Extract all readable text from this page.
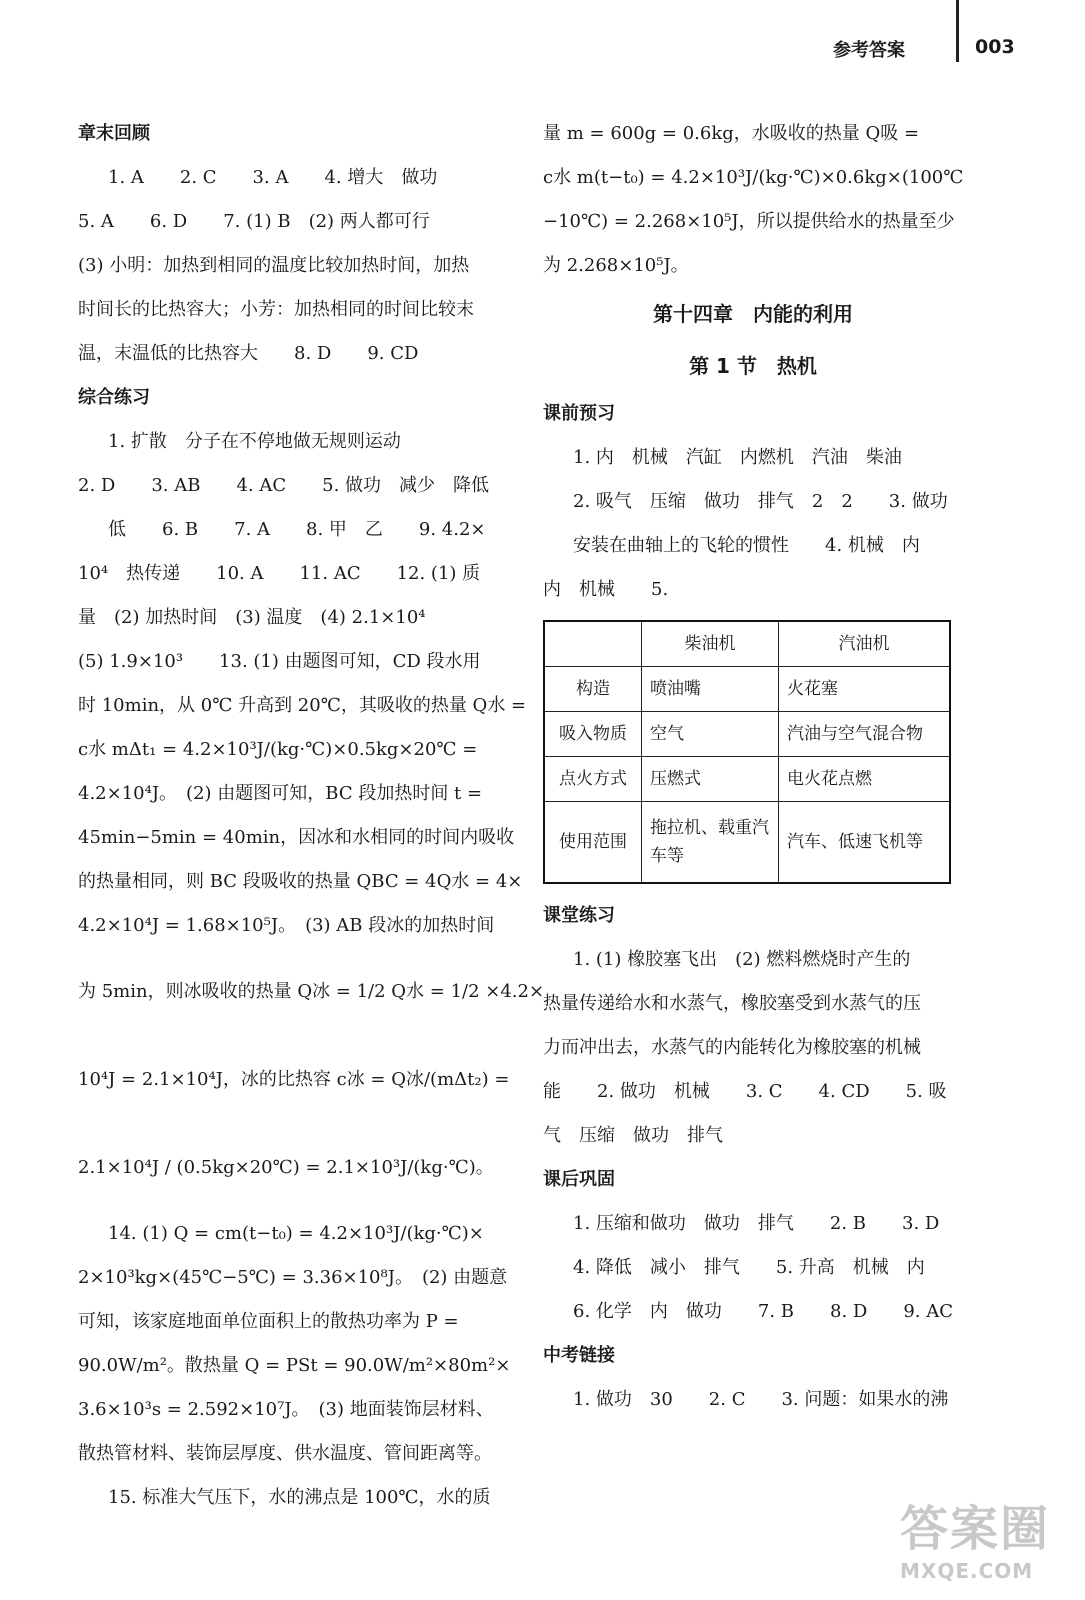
参考答案	003
章末回顾
1. A　　2. C　　3. A　　4. 增大　做功
5. A　　6. D　　7. (1) B　(2) 两人都可行
(3) 小明：加热到相同的温度比较加热时间，加热
时间长的比热容大；小芳：加热相同的时间比较末
温，末温低的比热容大　　8. D　　9. CD
综合练习
1. 扩散　分子在不停地做无规则运动
2. D　　3. AB　　4. AC　　5. 做功　减少　降低
低　　6. B　　7. A　　8. 甲　乙　　9. 4.2×
10⁴　热传递　　10. A　　11. AC　　12. (1) 质
量　(2) 加热时间　(3) 温度　(4) 2.1×10⁴
(5) 1.9×10³　　13. (1) 由题图可知，CD 段水用
时 10min，从 0℃ 升高到 20℃，其吸收的热量 Q水 =
c水 mΔt₁ = 4.2×10³J/(kg·℃)×0.5kg×20℃ =
4.2×10⁴J。　(2) 由题图可知，BC 段加热时间 t =
45min−5min = 40min，因冰和水相同的时间内吸收
的热量相同，则 BC 段吸收的热量 QBC = 4Q水 = 4×
4.2×10⁴J = 1.68×10⁵J。　(3) AB 段冰的加热时间
为 5min，则冰吸收的热量 Q冰 = 1/2 Q水 = 1/2 ×4.2×
10⁴J = 2.1×10⁴J，冰的比热容 c冰 = Q冰/(mΔt₂) =
2.1×10⁴J / (0.5kg×20℃) = 2.1×10³J/(kg·℃)。
14. (1) Q = cm(t−t₀) = 4.2×10³J/(kg·℃)×
2×10³kg×(45℃−5℃) = 3.36×10⁸J。　(2) 由题意
可知，该家庭地面单位面积上的散热功率为 P =
90.0W/m²。散热量 Q = PSt = 90.0W/m²×80m²×
3.6×10³s = 2.592×10⁷J。　(3) 地面装饰层材料、
散热管材料、装饰层厚度、供水温度、管间距离等。
15. 标准大气压下，水的沸点是 100℃，水的质
量 m = 600g = 0.6kg，水吸收的热量 Q吸 =
c水 m(t−t₀) = 4.2×10³J/(kg·℃)×0.6kg×(100℃
−10℃) = 2.268×10⁵J，所以提供给水的热量至少
为 2.268×10⁵J。
第十四章　内能的利用
第 1 节　热机
课前预习
1. 内　机械　汽缸　内燃机　汽油　柴油
2. 吸气　压缩　做功　排气　2　2　　3. 做功
安装在曲轴上的飞轮的惯性　　4. 机械　内
内　机械　　5.
	柴油机	汽油机
构造	喷油嘴	火花塞
吸入物质	空气	汽油与空气混合物
点火方式	压燃式	电火花点燃
使用范围	拖拉机、载重汽车等	汽车、低速飞机等
课堂练习
1. (1) 橡胶塞飞出　(2) 燃料燃烧时产生的
热量传递给水和水蒸气，橡胶塞受到水蒸气的压
力而冲出去，水蒸气的内能转化为橡胶塞的机械
能　　2. 做功　机械　　3. C　　4. CD　　5. 吸
气　压缩　做功　排气
课后巩固
1. 压缩和做功　做功　排气　　2. B　　3. D
4. 降低　减小　排气　　5. 升高　机械　内
6. 化学　内　做功　　7. B　　8. D　　9. AC
中考链接
1. 做功　30　　2. C　　3. 问题：如果水的沸
答案圈
MXQE.COM
